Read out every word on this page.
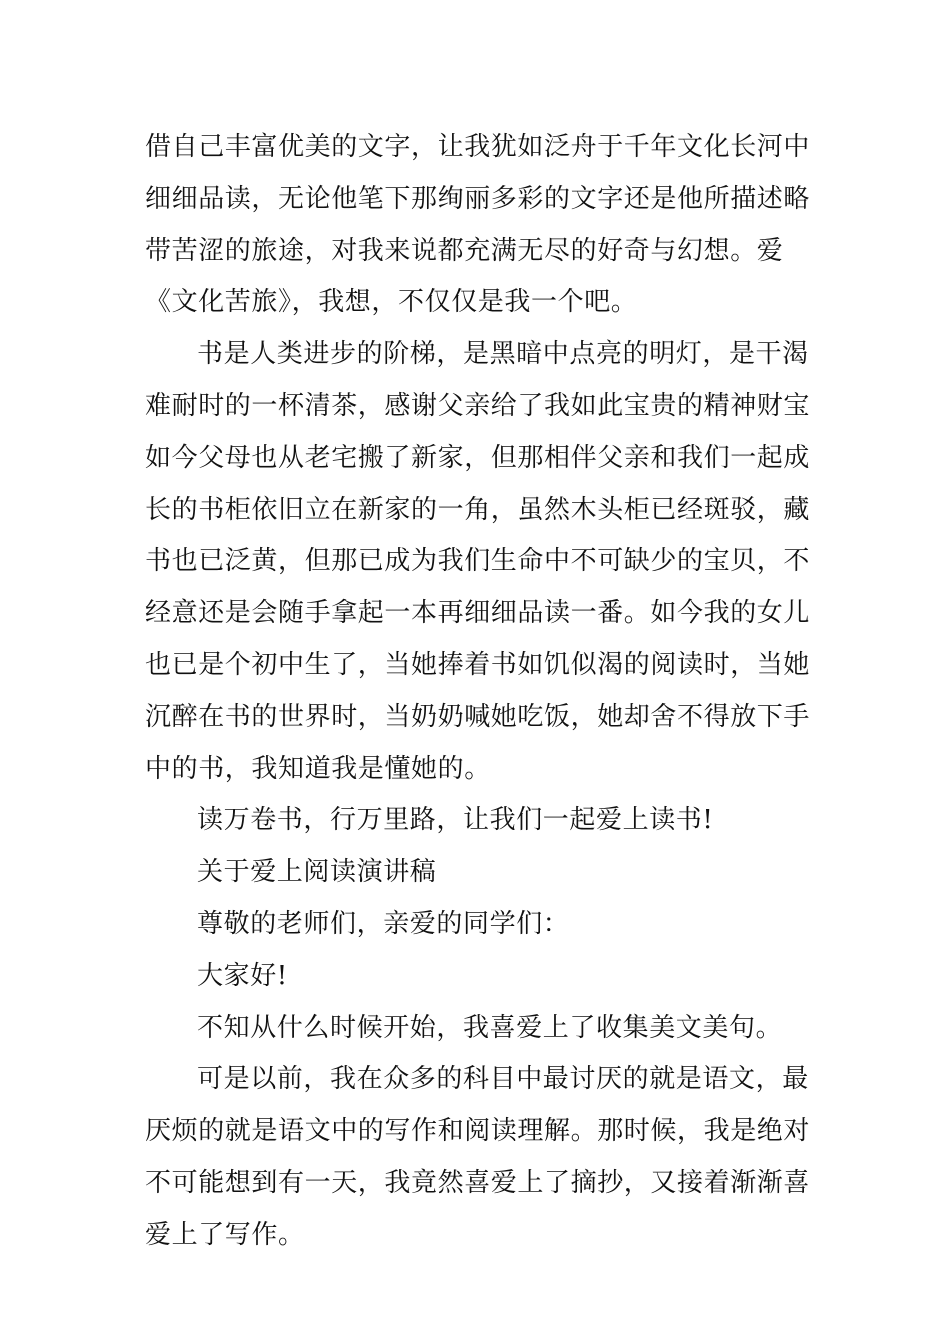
借自己丰富优美的文字，让我犹如泛舟于千年文化长河中
细细品读，无论他笔下那绚丽多彩的文字还是他所描述略
带苦涩的旅途，对我来说都充满无尽的好奇与幻想。爱
《文化苦旅》，我想，不仅仅是我一个吧。
书是人类进步的阶梯，是黑暗中点亮的明灯，是干渴
难耐时的一杯清茶，感谢父亲给了我如此宝贵的精神财宝
如今父母也从老宅搬了新家，但那相伴父亲和我们一起成
长的书柜依旧立在新家的一角，虽然木头柜已经斑驳，藏
书也已泛黄，但那已成为我们生命中不可缺少的宝贝，不
经意还是会随手拿起一本再细细品读一番。如今我的女儿
也已是个初中生了，当她捧着书如饥似渴的阅读时，当她
沉醉在书的世界时，当奶奶喊她吃饭，她却舍不得放下手
中的书，我知道我是懂她的。
读万卷书，行万里路，让我们一起爱上读书!
关于爱上阅读演讲稿
尊敬的老师们，亲爱的同学们：
大家好!
不知从什么时候开始，我喜爱上了收集美文美句。
可是以前，我在众多的科目中最讨厌的就是语文，最
厌烦的就是语文中的写作和阅读理解。那时候，我是绝对
不可能想到有一天，我竟然喜爱上了摘抄，又接着渐渐喜
爱上了写作。
